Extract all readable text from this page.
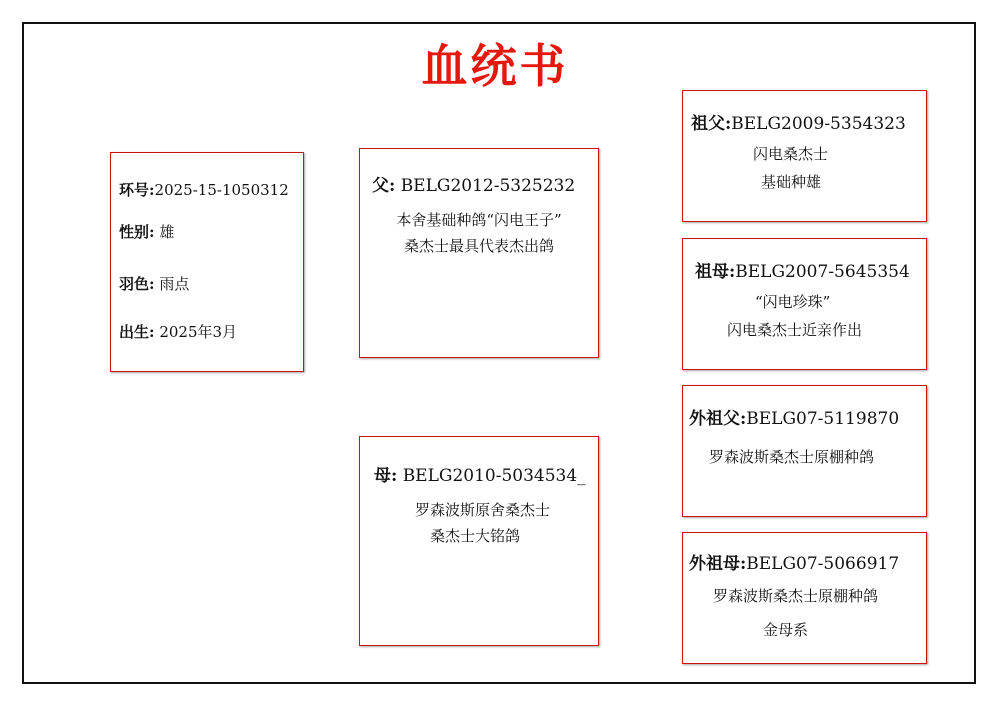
血统书
环号:2025-15-1050312
性别: 雄
羽色: 雨点
出生: 2025年3月
父: BELG2012-5325232
本舍基础种鸽“闪电王子”
桑杰士最具代表杰出鸽
母: BELG2010-5034534_
罗森波斯原舍桑杰士
桑杰士大铭鸽
祖父:BELG2009-5354323
闪电桑杰士
基础种雄
祖母:BELG2007-5645354
“闪电珍珠”
闪电桑杰士近亲作出
外祖父:BELG07-5119870
罗森波斯桑杰士原棚种鸽
外祖母:BELG07-5066917
罗森波斯桑杰士原棚种鸽
金母系
